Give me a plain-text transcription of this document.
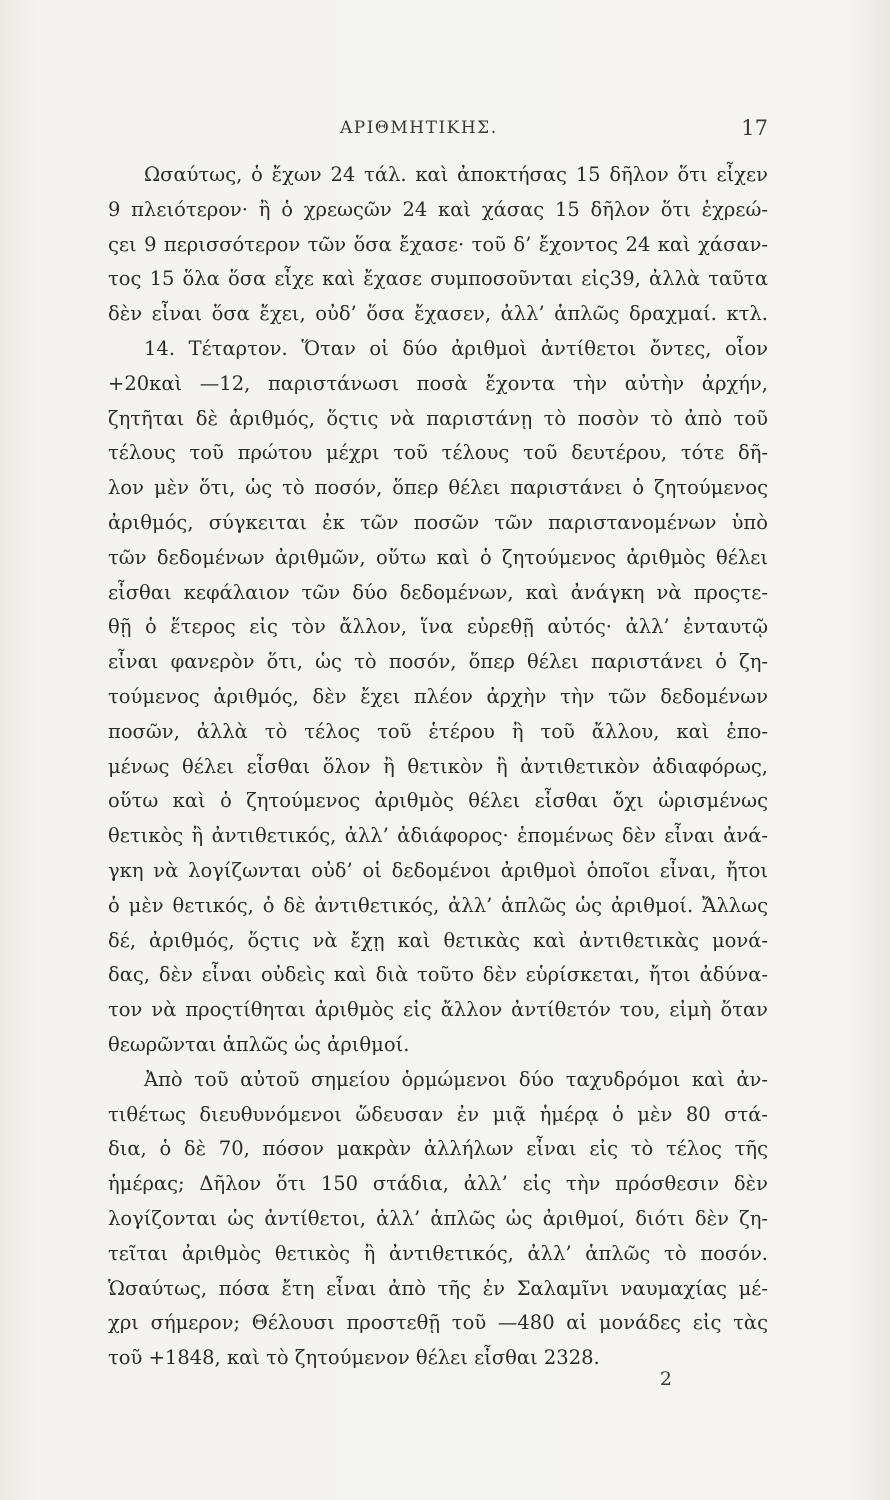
ΑΡΙΘΜΗΤΙΚΗΣ.	17
Ωσαύτως, ὁ ἔχων 24 τάλ. καὶ ἀποκτήσας 15 δῆλον ὅτι εἶχεν
9 πλειότερον· ἢ ὁ χρεωςῶν 24 καὶ χάσας 15 δῆλον ὅτι ἐχρεώ-
ςει 9 περισσότερον τῶν ὅσα ἔχασε· τοῦ δ’ ἔχοντος 24 καὶ χάσαν-
τος 15 ὅλα ὅσα εἶχε καὶ ἔχασε συμποσοῦνται εἰς39, ἀλλὰ ταῦτα
δὲν εἶναι ὅσα ἔχει, οὐδ’ ὅσα ἔχασεν, ἀλλ’ ἁπλῶς δραχμαί. κτλ.
14. Τέταρτον. Ὅταν οἱ δύο ἀριθμοὶ ἀντίθετοι ὄντες, οἷον
+20καὶ —12, παριστάνωσι ποσὰ ἔχοντα τὴν αὐτὴν ἀρχήν,
ζητῆται δὲ ἀριθμός, ὅςτις νὰ παριστάνῃ τὸ ποσὸν τὸ ἀπὸ τοῦ
τέλους τοῦ πρώτου μέχρι τοῦ τέλους τοῦ δευτέρου, τότε δῆ-
λον μὲν ὅτι, ὡς τὸ ποσόν, ὅπερ θέλει παριστάνει ὁ ζητούμενος
ἀριθμός, σύγκειται ἐκ τῶν ποσῶν τῶν παριστανομένων ὑπὸ
τῶν δεδομένων ἀριθμῶν, οὕτω καὶ ὁ ζητούμενος ἀριθμὸς θέλει
εἶσθαι κεφάλαιον τῶν δύο δεδομένων, καὶ ἀνάγκη νὰ προςτε-
θῇ ὁ ἕτερος εἰς τὸν ἄλλον, ἵνα εὑρεθῇ αὐτός· ἀλλ’ ἐνταυτῷ
εἶναι φανερὸν ὅτι, ὡς τὸ ποσόν, ὅπερ θέλει παριστάνει ὁ ζη-
τούμενος ἀριθμός, δὲν ἔχει πλέον ἀρχὴν τὴν τῶν δεδομένων
ποσῶν, ἀλλὰ τὸ τέλος τοῦ ἑτέρου ἢ τοῦ ἄλλου, καὶ ἑπο-
μένως θέλει εἶσθαι ὅλον ἢ θετικὸν ἢ ἀντιθετικὸν ἀδιαφόρως,
οὕτω καὶ ὁ ζητούμενος ἀριθμὸς θέλει εἶσθαι ὄχι ὡρισμένως
θετικὸς ἢ ἀντιθετικός, ἀλλ’ ἀδιάφορος· ἑπομένως δὲν εἶναι ἀνά-
γκη νὰ λογίζωνται οὐδ’ οἱ δεδομένοι ἀριθμοὶ ὁποῖοι εἶναι, ἤτοι
ὁ μὲν θετικός, ὁ δὲ ἀντιθετικός, ἀλλ’ ἁπλῶς ὡς ἀριθμοί. Ἄλλως
δέ, ἀριθμός, ὅςτις νὰ ἔχῃ καὶ θετικὰς καὶ ἀντιθετικὰς μονά-
δας, δὲν εἶναι οὐδεὶς καὶ διὰ τοῦτο δὲν εὑρίσκεται, ἤτοι ἀδύνα-
τον νὰ προςτίθηται ἀριθμὸς εἰς ἄλλον ἀντίθετόν του, εἰμὴ ὅταν
θεωρῶνται ἁπλῶς ὡς ἀριθμοί.
Ἀπὸ τοῦ αὐτοῦ σημείου ὁρμώμενοι δύο ταχυδρόμοι καὶ ἀν-
τιθέτως διευθυνόμενοι ὥδευσαν ἐν μιᾷ ἡμέρᾳ ὁ μὲν 80 στά-
δια, ὁ δὲ 70, πόσον μακρὰν ἀλλήλων εἶναι εἰς τὸ τέλος τῆς
ἡμέρας; Δῆλον ὅτι 150 στάδια, ἀλλ’ εἰς τὴν πρόσθεσιν δὲν
λογίζονται ὡς ἀντίθετοι, ἀλλ’ ἁπλῶς ὡς ἀριθμοί, διότι δὲν ζη-
τεῖται ἀριθμὸς θετικὸς ἢ ἀντιθετικός, ἀλλ’ ἁπλῶς τὸ ποσόν.
Ὡσαύτως, πόσα ἔτη εἶναι ἀπὸ τῆς ἐν Σαλαμῖνι ναυμαχίας μέ-
χρι σήμερον; Θέλουσι προστεθῇ τοῦ —480 αἱ μονάδες εἰς τὰς
τοῦ +1848, καὶ τὸ ζητούμενον θέλει εἶσθαι 2328.
2
